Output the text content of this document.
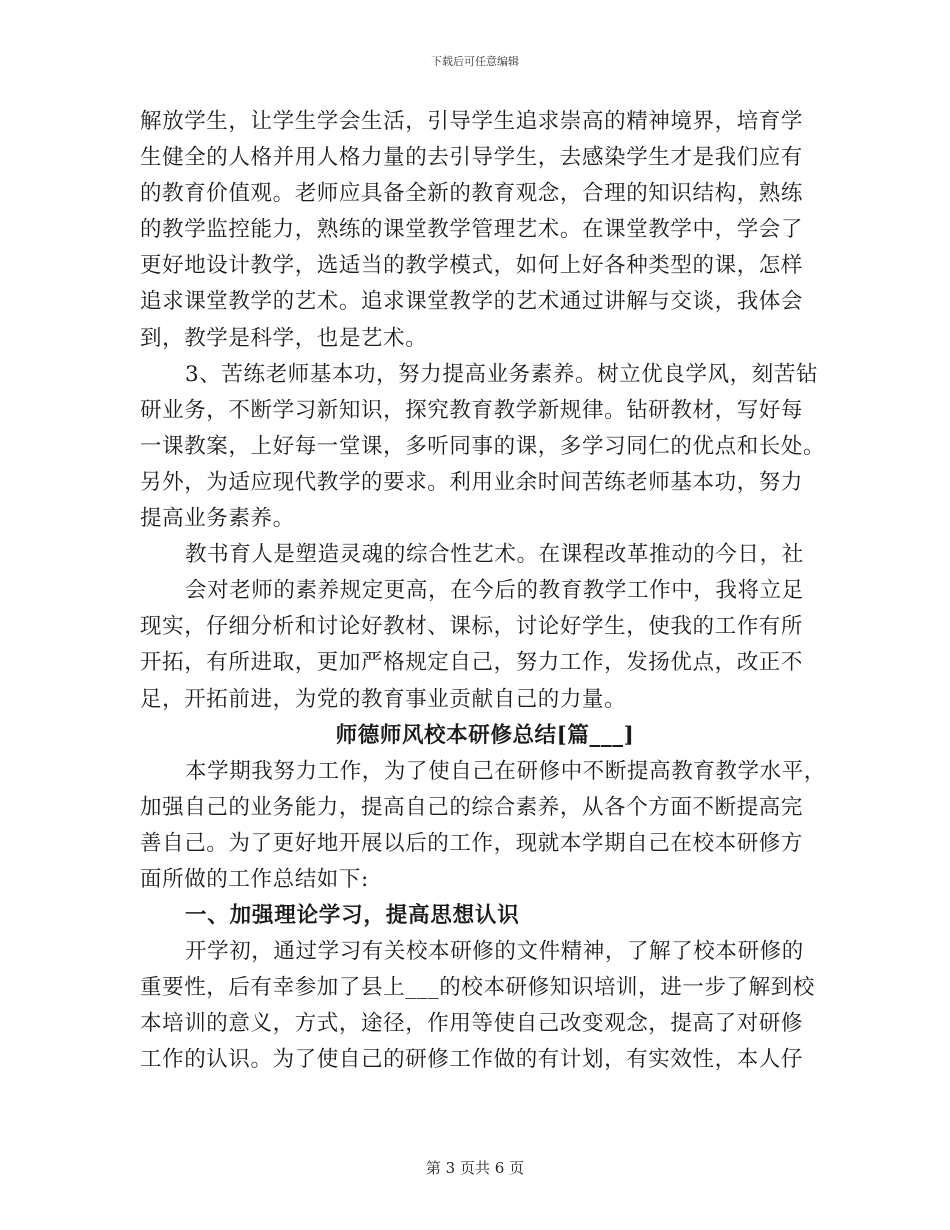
下载后可任意编辑
解放学生，让学生学会生活，引导学生追求崇高的精神境界，培育学
生健全的人格并用人格力量的去引导学生，去感染学生才是我们应有
的教育价值观。老师应具备全新的教育观念，合理的知识结构，熟练
的教学监控能力，熟练的课堂教学管理艺术。在课堂教学中，学会了
更好地设计教学，选适当的教学模式，如何上好各种类型的课，怎样
追求课堂教学的艺术。追求课堂教学的艺术通过讲解与交谈，我体会
到，教学是科学，也是艺术。
3、苦练老师基本功，努力提高业务素养。树立优良学风，刻苦钻
研业务，不断学习新知识，探究教育教学新规律。钻研教材，写好每
一课教案，上好每一堂课，多听同事的课，多学习同仁的优点和长处。
另外，为适应现代教学的要求。利用业余时间苦练老师基本功，努力
提高业务素养。
教书育人是塑造灵魂的综合性艺术。在课程改革推动的今日，社
会对老师的素养规定更高，在今后的教育教学工作中，我将立足
现实，仔细分析和讨论好教材、课标，讨论好学生，使我的工作有所
开拓，有所进取，更加严格规定自己，努力工作，发扬优点，改正不
足，开拓前进，为党的教育事业贡献自己的力量。
师德师风校本研修总结[篇___]
本学期我努力工作，为了使自己在研修中不断提高教育教学水平，
加强自己的业务能力，提高自己的综合素养，从各个方面不断提高完
善自己。为了更好地开展以后的工作，现就本学期自己在校本研修方
面所做的工作总结如下:
一、加强理论学习，提高思想认识
开学初，通过学习有关校本研修的文件精神，了解了校本研修的
重要性，后有幸参加了县上___的校本研修知识培训，进一步了解到校
本培训的意义，方式，途径，作用等使自己改变观念，提高了对研修
工作的认识。为了使自己的研修工作做的有计划，有实效性，本人仔
第 3 页共 6 页
